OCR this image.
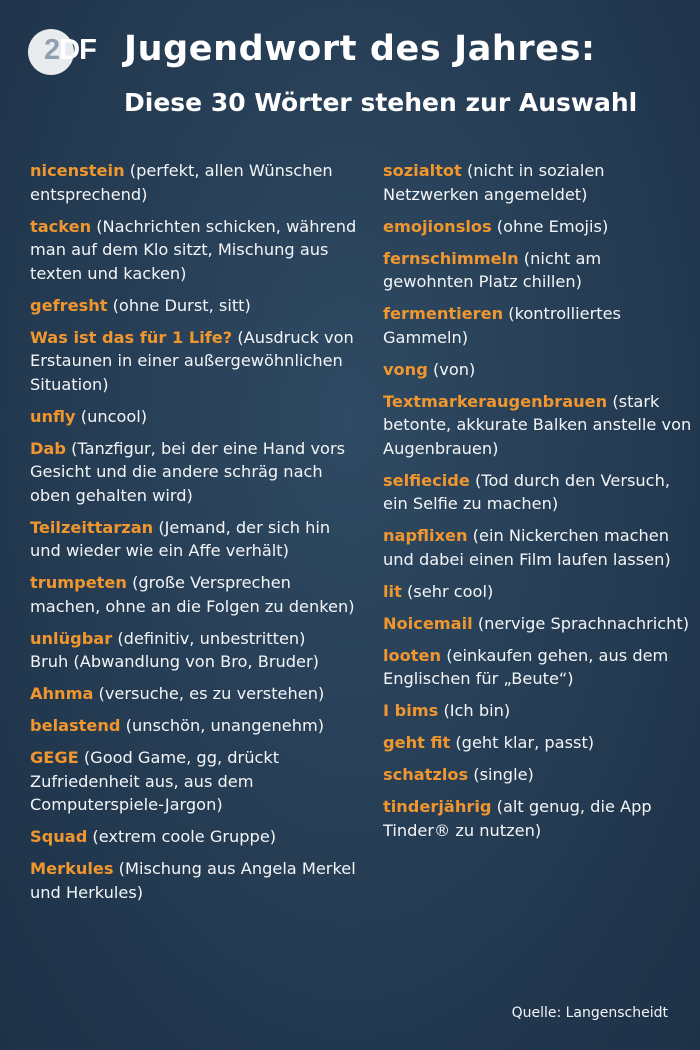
2DF Jugendwort des Jahres:
Diese 30 Wörter stehen zur Auswahl
nicenstein (perfekt, allen Wünschen entsprechend)
tacken (Nachrichten schicken, während man auf dem Klo sitzt, Mischung aus texten und kacken)
gefresht (ohne Durst, sitt)
Was ist das für 1 Life? (Ausdruck von Erstaunen in einer außergewöhnlichen Situation)
unfly (uncool)
Dab (Tanzfigur, bei der eine Hand vors Gesicht und die andere schräg nach oben gehalten wird)
Teilzeittarzan (Jemand, der sich hin und wieder wie ein Affe verhält)
trumpeten (große Versprechen machen, ohne an die Folgen zu denken)
unlügbar (definitiv, unbestritten)
Bruh (Abwandlung von Bro, Bruder)
Ahnma (versuche, es zu verstehen)
belastend (unschön, unangenehm)
GEGE (Good Game, gg, drückt Zufriedenheit aus, aus dem Computerspiele-Jargon)
Squad (extrem coole Gruppe)
Merkules (Mischung aus Angela Merkel und Herkules)
sozialtot (nicht in sozialen Netzwerken angemeldet)
emojionslos (ohne Emojis)
fernschimmeln (nicht am gewohnten Platz chillen)
fermentieren (kontrolliertes Gammeln)
vong (von)
Textmarkeraugenbrauen (stark betonte, akkurate Balken anstelle von Augenbrauen)
selfiecide (Tod durch den Versuch, ein Selfie zu machen)
napflixen (ein Nickerchen machen und dabei einen Film laufen lassen)
lit (sehr cool)
Noicemail (nervige Sprachnachricht)
looten (einkaufen gehen, aus dem Englischen für „Beute“)
I bims (Ich bin)
geht fit (geht klar, passt)
schatzlos (single)
tinderjährig (alt genug, die App Tinder® zu nutzen)
Quelle: Langenscheidt
